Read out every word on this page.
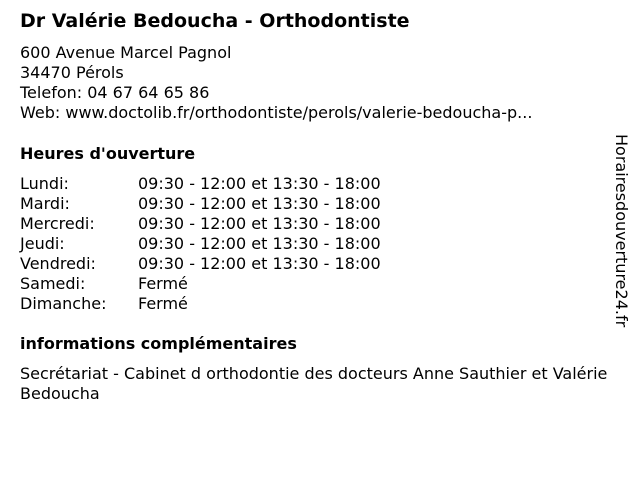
Dr Valérie Bedoucha - Orthodontiste
600 Avenue Marcel Pagnol
34470 Pérols
Telefon: 04 67 64 65 86
Web: www.doctolib.fr/orthodontiste/perols/valerie-bedoucha-p...
Heures d'ouverture
Lundi:	09:30 - 12:00 et 13:30 - 18:00
Mardi:	09:30 - 12:00 et 13:30 - 18:00
Mercredi:	09:30 - 12:00 et 13:30 - 18:00
Jeudi:	09:30 - 12:00 et 13:30 - 18:00
Vendredi:	09:30 - 12:00 et 13:30 - 18:00
Samedi:	Fermé
Dimanche: Fermé
informations complémentaires
Secrétariat - Cabinet d orthodontie des docteurs Anne Sauthier et Valérie Bedoucha
Horairesdouverture24.fr
